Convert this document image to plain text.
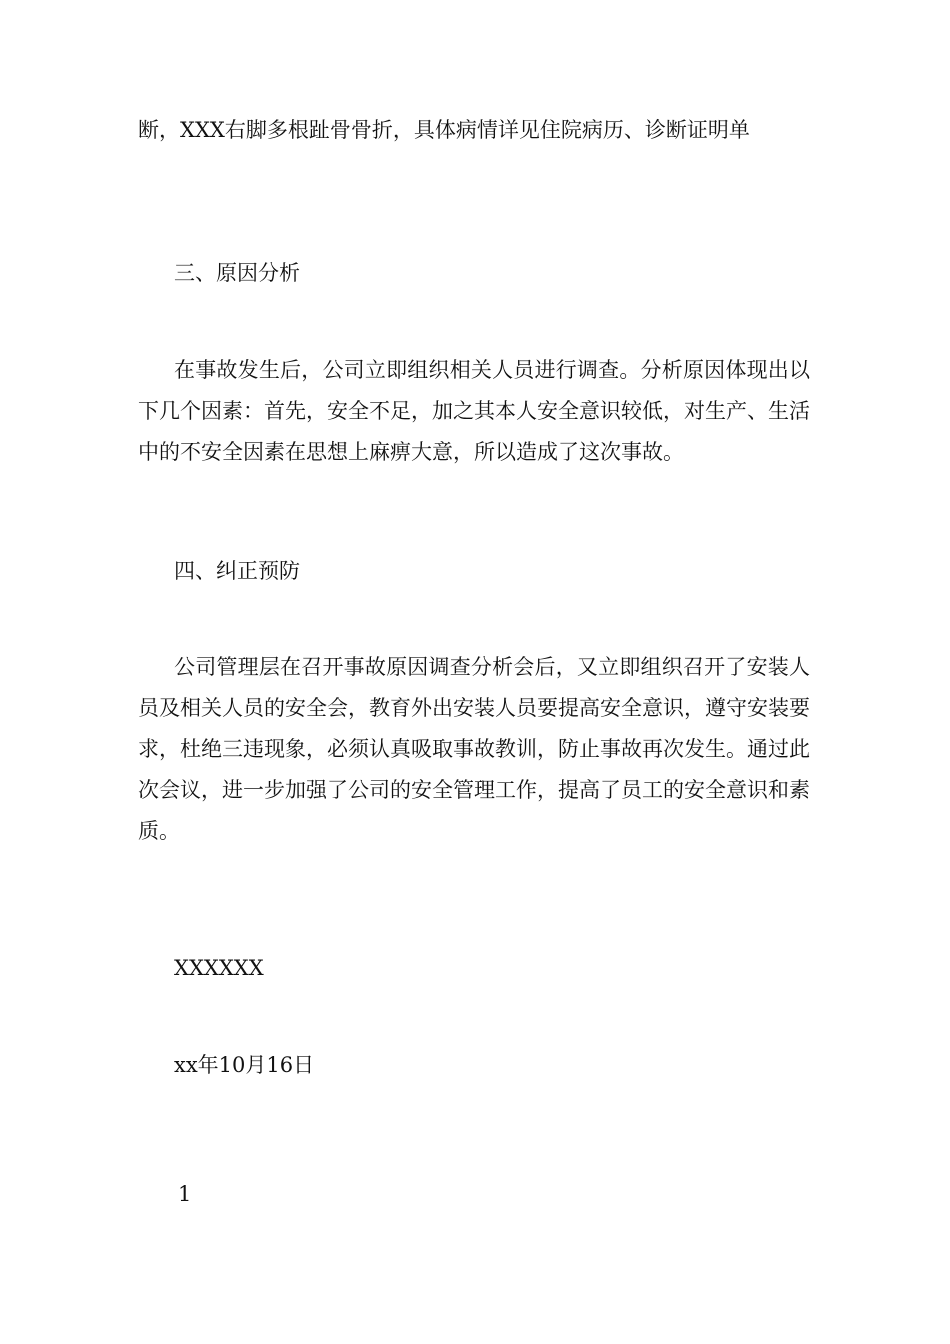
断，XXX右脚多根趾骨骨折，具体病情详见住院病历、诊断证明单
三、原因分析
在事故发生后，公司立即组织相关人员进行调查。分析原因体现出以下几个因素：首先，安全不足，加之其本人安全意识较低，对生产、生活中的不安全因素在思想上麻痹大意，所以造成了这次事故。
四、纠正预防
公司管理层在召开事故原因调查分析会后，又立即组织召开了安装人员及相关人员的安全会，教育外出安装人员要提高安全意识，遵守安装要求，杜绝三违现象，必须认真吸取事故教训，防止事故再次发生。通过此次会议，进一步加强了公司的安全管理工作，提高了员工的安全意识和素质。
XXXXXX
xx年10月16日
1
